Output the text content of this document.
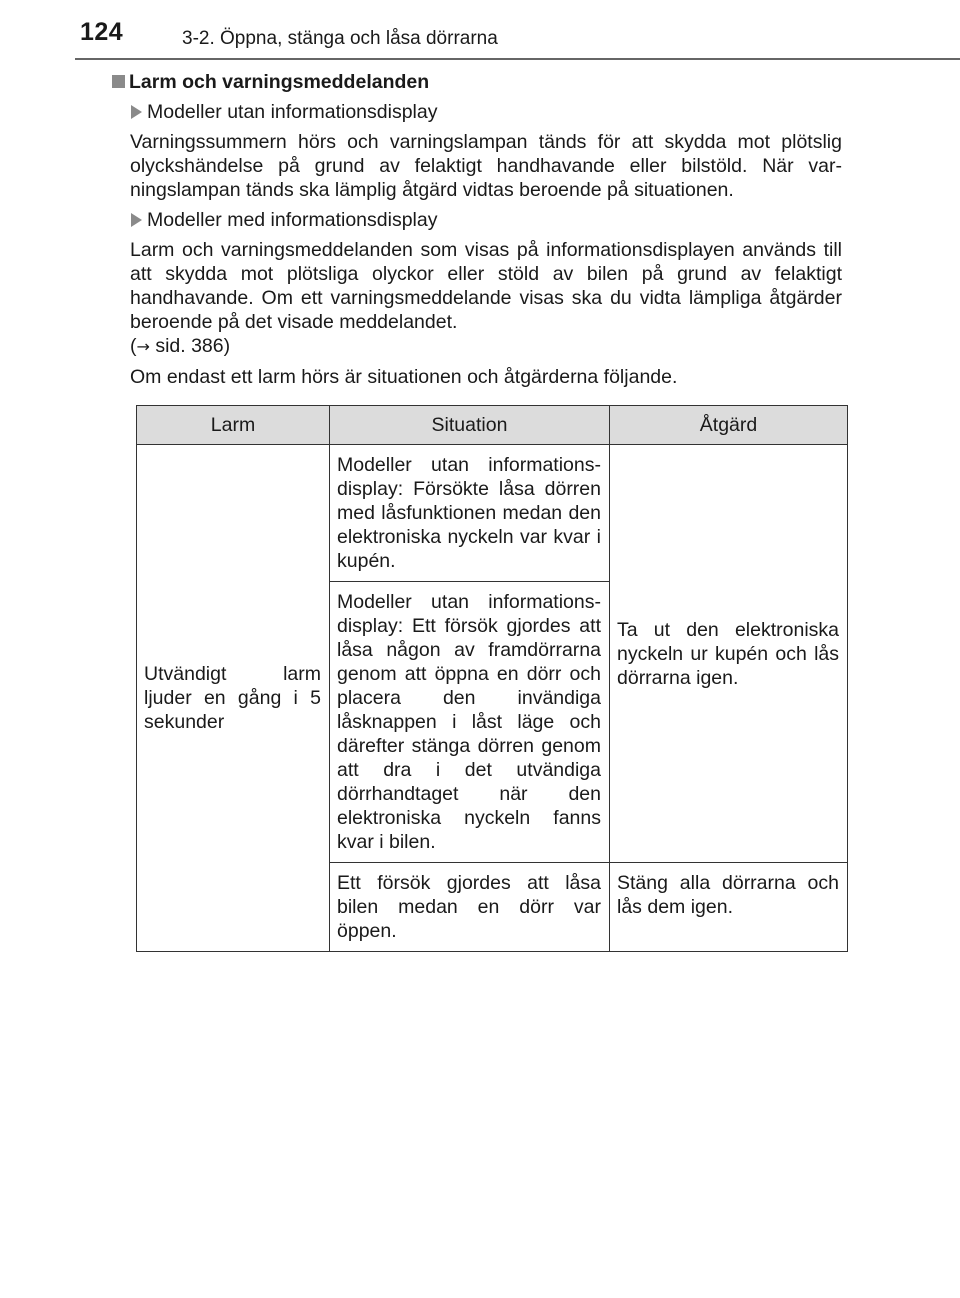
124	3-2. Öppna, stänga och låsa dörrarna

Larm och varningsmeddelanden

Modeller utan informationsdisplay

Varningssummern hörs och varningslampan tänds för att skydda mot plötslig olyckshändelse på grund av felaktigt handhavande eller bilstöld. När varningslampan tänds ska lämplig åtgärd vidtas beroende på situationen.

Modeller med informationsdisplay

Larm och varningsmeddelanden som visas på informationsdisplayen används till att skydda mot plötsliga olyckor eller stöld av bilen på grund av felaktigt handhavande. Om ett varningsmeddelande visas ska du vidta lämpliga åtgärder beroende på det visade meddelandet.

(→ sid. 386)

Om endast ett larm hörs är situationen och åtgärderna följande.

Larm	Situation	Åtgärd
Utvändigt larm ljuder en gång i 5 sekunder	Modeller utan informationsdisplay: Försökte låsa dörren med låsfunktionen medan den elektroniska nyckeln var kvar i kupén.	Ta ut den elektroniska nyckeln ur kupén och lås dörrarna igen.
	Modeller utan informationsdisplay: Ett försök gjordes att låsa någon av framdörrarna genom att öppna en dörr och placera den invändiga låsknappen i låst läge och därefter stänga dörren genom att dra i det utvändiga dörrhandtaget när den elektroniska nyckeln fanns kvar i bilen.	
	Ett försök gjordes att låsa bilen medan en dörr var öppen.	Stäng alla dörrarna och lås dem igen.
